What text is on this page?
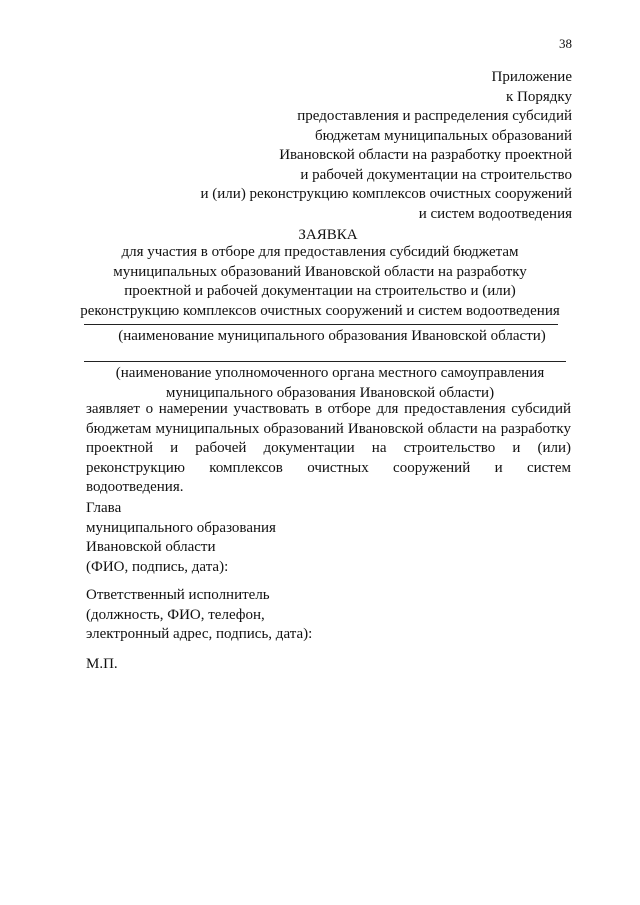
38
Приложение
к Порядку
предоставления и распределения субсидий
бюджетам муниципальных образований
Ивановской области на разработку проектной
и рабочей документации на строительство
и (или) реконструкцию комплексов очистных сооружений
и систем водоотведения
ЗАЯВКА
для участия в отборе для предоставления субсидий бюджетам
муниципальных образований Ивановской области на разработку
проектной и рабочей документации на строительство и (или)
реконструкцию комплексов очистных сооружений и систем водоотведения
(наименование муниципального образования Ивановской области)
(наименование уполномоченного органа местного самоуправления
муниципального образования Ивановской области)
заявляет о намерении участвовать в отборе для предоставления субсидий
бюджетам муниципальных образований Ивановской области на разработку
проектной и рабочей документации на строительство и (или)
реконструкцию комплексов очистных сооружений и систем
водоотведения.
Глава
муниципального образования
Ивановской области
(ФИО, подпись, дата):
Ответственный исполнитель
(должность, ФИО, телефон,
электронный адрес, подпись, дата):
М.П.
